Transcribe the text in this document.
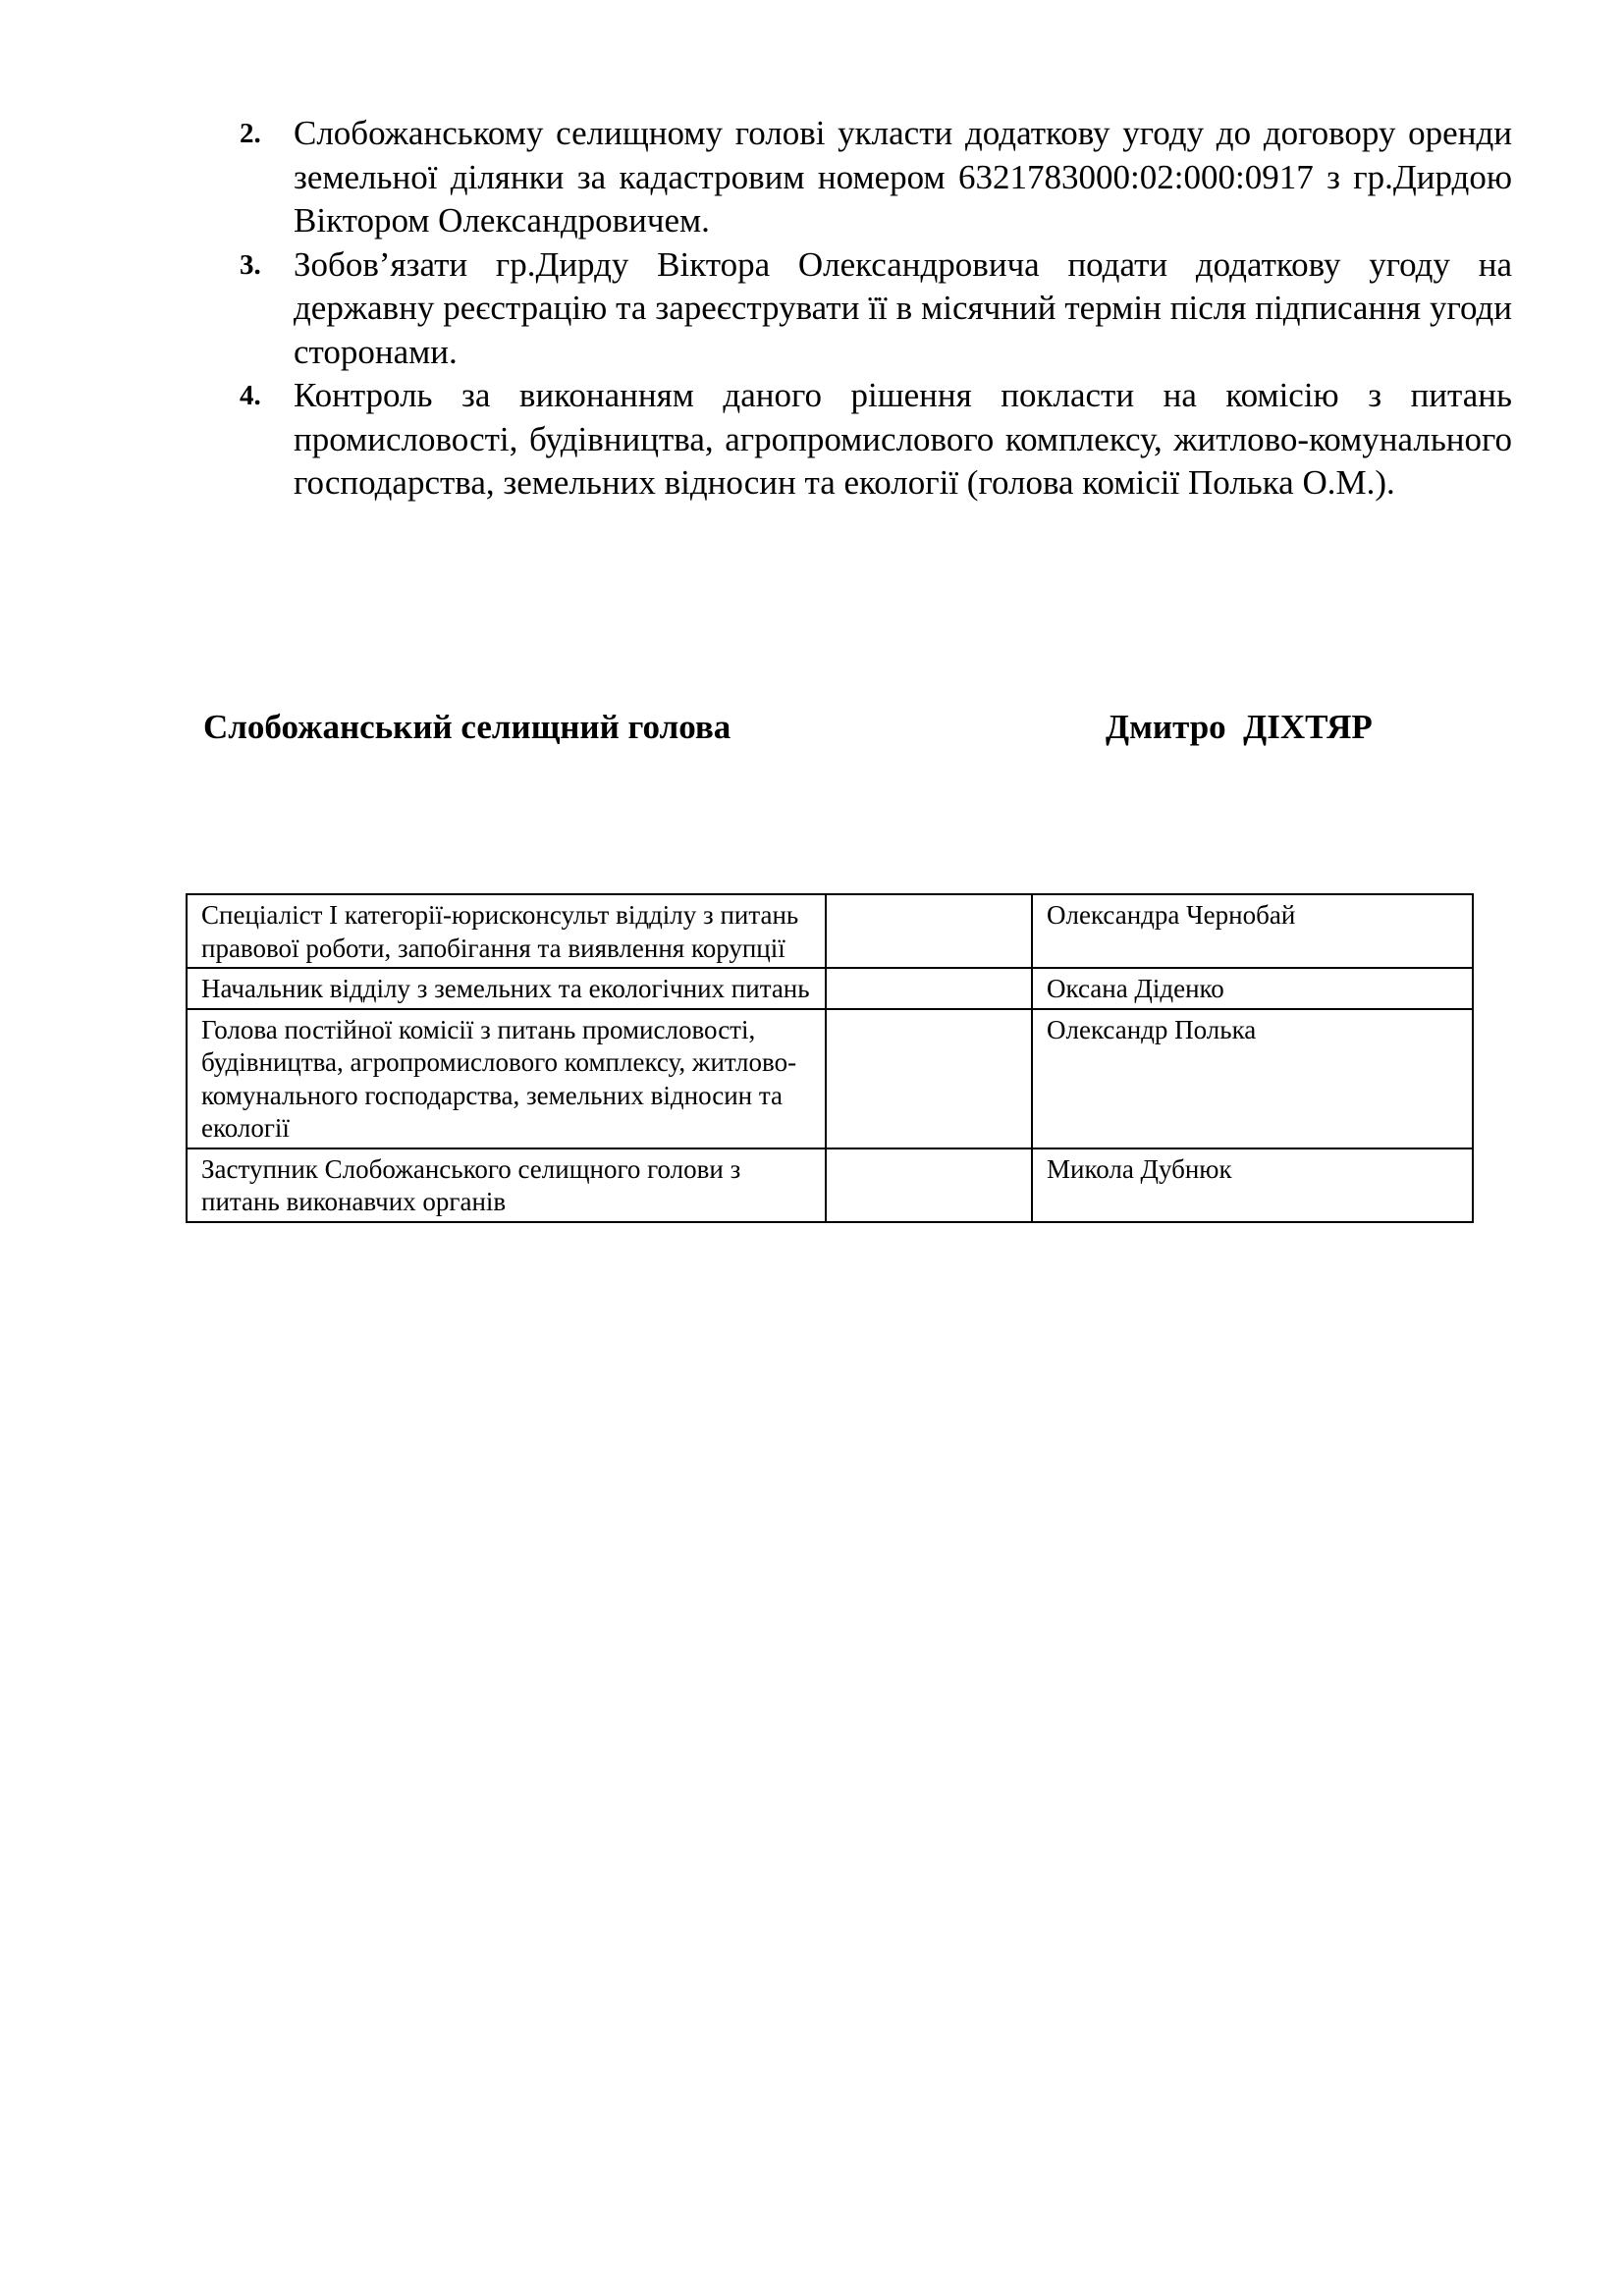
2. Слобожанському селищному голові укласти додаткову угоду до договору оренди земельної ділянки за кадастровим номером 6321783000:02:000:0917 з гр.Дирдою Віктором Олександровичем.
3. Зобов’язати гр.Дирду Віктора Олександровича подати додаткову угоду на державну реєстрацію та зареєструвати її в місячний термін після підписання угоди сторонами.
4. Контроль за виконанням даного рішення покласти на комісію з питань промисловості, будівництва, агропромислового комплексу, житлово-комунального господарства, земельних відносин та екології (голова комісії Полька О.М.).
Слобожанський селищний голова	Дмитро  ДІХТЯР
Спеціаліст І категорії-юрисконсульт відділу з питань правової роботи, запобігання та виявлення корупції		Олександра Чернобай
Начальник відділу з земельних та екологічних питань		Оксана Діденко
Голова постійної комісії з питань промисловості, будівництва, агропромислового комплексу, житлово-комунального господарства, земельних відносин та екології		Олександр Полька
Заступник Слобожанського селищного голови з питань виконавчих органів		Микола Дубнюк
